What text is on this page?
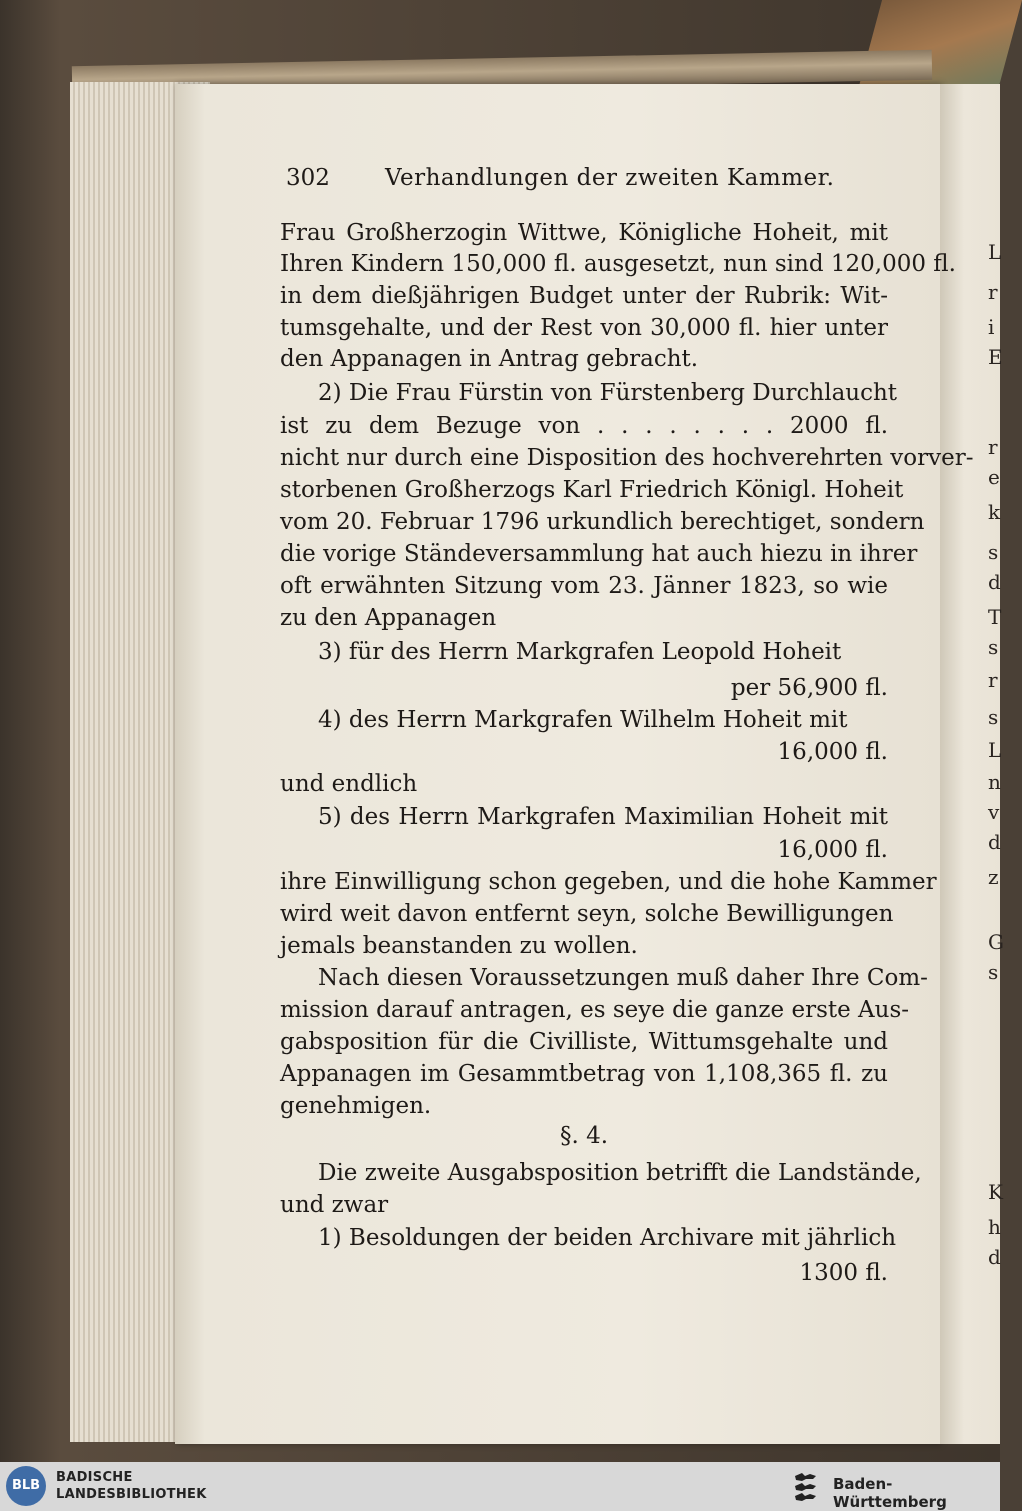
L
r
i
E
r
e
k
s
d
T
s
r
s
L
n
v
d
z
G
s
K
h
d
302 Verhandlungen der zweiten Kammer.
Frau Großherzogin Wittwe, Königliche Hoheit, mit
Ihren Kindern 150,000 fl. ausgesetzt, nun sind 120,000 fl.
in dem dießjährigen Budget unter der Rubrik: Wit-
tumsgehalte, und der Rest von 30,000 fl. hier unter
den Appanagen in Antrag gebracht.
2) Die Frau Fürstin von Fürstenberg Durchlaucht
ist zu dem Bezuge von . . . . . . . . 2000 fl.
nicht nur durch eine Disposition des hochverehrten vorver-
storbenen Großherzogs Karl Friedrich Königl. Hoheit
vom 20. Februar 1796 urkundlich berechtiget, sondern
die vorige Ständeversammlung hat auch hiezu in ihrer
oft erwähnten Sitzung vom 23. Jänner 1823, so wie
zu den Appanagen
3) für des Herrn Markgrafen Leopold Hoheit
per 56,900 fl.
4) des Herrn Markgrafen Wilhelm Hoheit mit
16,000 fl.
und endlich
5) des Herrn Markgrafen Maximilian Hoheit mit
16,000 fl.
ihre Einwilligung schon gegeben, und die hohe Kammer
wird weit davon entfernt seyn, solche Bewilligungen
jemals beanstanden zu wollen.
Nach diesen Voraussetzungen muß daher Ihre Com-
mission darauf antragen, es seye die ganze erste Aus-
gabsposition für die Civilliste, Wittumsgehalte und
Appanagen im Gesammtbetrag von 1,108,365 fl. zu
genehmigen.
§. 4.
Die zweite Ausgabsposition betrifft die Landstände,
und zwar
1) Besoldungen der beiden Archivare mit jährlich
1300 fl.
BLB
BADISCHE
LANDESBIBLIOTHEK
Baden-Württemberg
